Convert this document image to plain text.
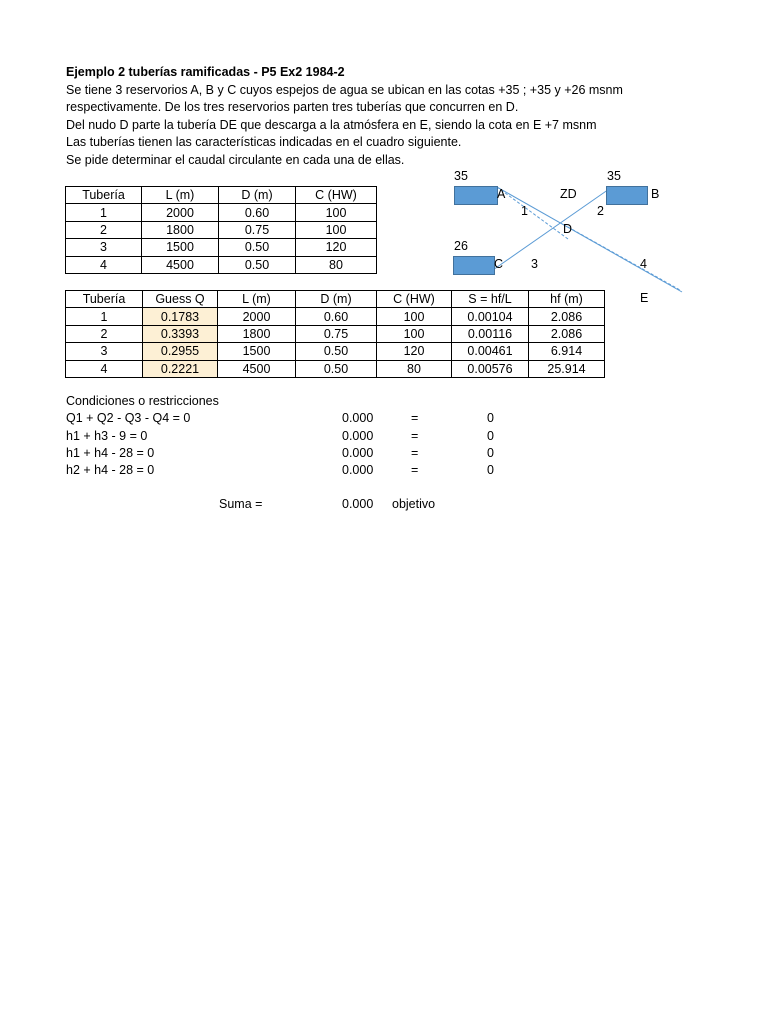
Ejemplo 2 tuberías ramificadas - P5 Ex2 1984-2
Se tiene 3 reservorios A, B y C cuyos espejos de agua se ubican en las cotas +35 ; +35 y +26 msnm
respectivamente. De los tres reservorios parten tres tuberías que concurren en D.
Del nudo D parte la tubería DE que descarga a la atmósfera en E, siendo la cota en E +7 msnm
Las tuberías tienen las características indicadas en el cuadro siguiente.
Se pide determinar el caudal circulante en cada una de ellas.
Tubería	L (m)	D (m)	C (HW)
1	2000	0.60	100
2	1800	0.75	100
3	1500	0.50	120
4	4500	0.50	80
35	35
26
A	B
C
ZD
D
1	2
3	4
E
Tubería	Guess Q	L (m)	D (m)	C (HW)	S = hf/L	hf (m)
1	0.1783	2000	0.60	100	0.00104	2.086
2	0.3393	1800	0.75	100	0.00116	2.086
3	0.2955	1500	0.50	120	0.00461	6.914
4	0.2221	4500	0.50	80	0.00576	25.914
Condiciones o restricciones
Q1 + Q2 - Q3 - Q4 = 0	0.000	=	0
h1 + h3 - 9 = 0	0.000	=	0
h1 + h4 - 28 = 0	0.000	=	0
h2 + h4 - 28 = 0	0.000	=	0
Suma =	0.000 objetivo
